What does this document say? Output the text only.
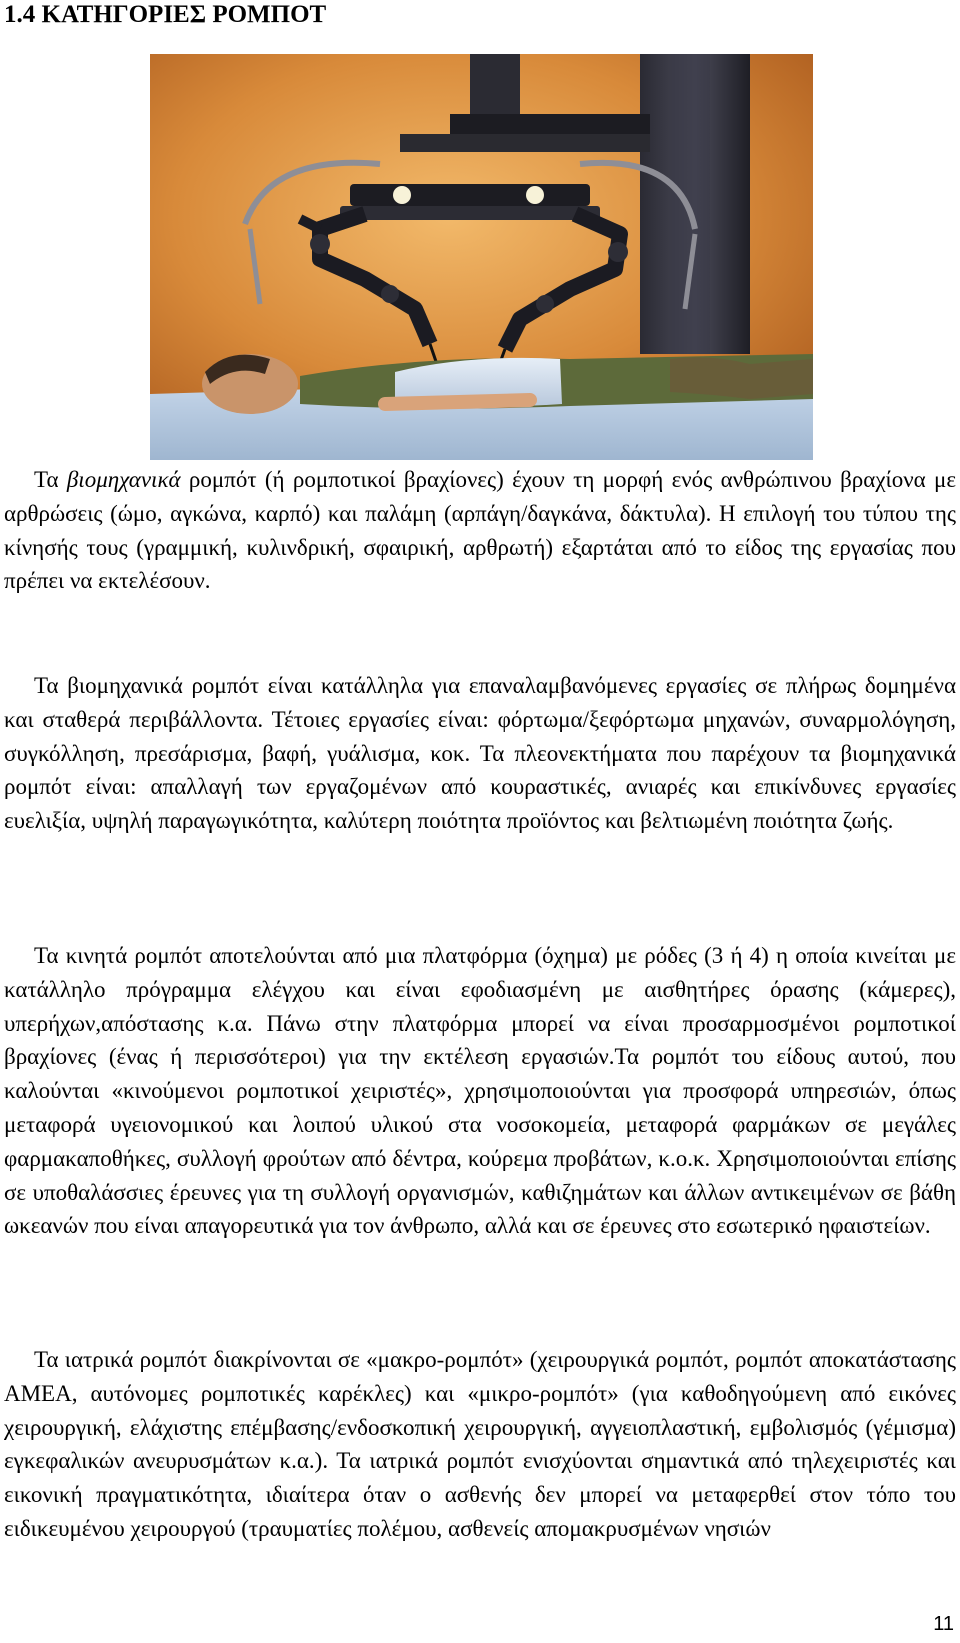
1.4 ΚΑΤΗΓΟΡΙΕΣ ΡΟΜΠΟΤ

Τα βιομηχανικά ρομπότ (ή ρομποτικοί βραχίονες) έχουν τη μορφή ενός ανθρώπινου βραχίονα με αρθρώσεις (ώμο, αγκώνα, καρπό) και παλάμη (αρπάγη/δαγκάνα, δάκτυλα). Η επιλογή του τύπου της κίνησής τους (γραμμική, κυλινδρική, σφαιρική, αρθρωτή) εξαρτάται από το είδος της εργασίας που πρέπει να εκτελέσουν.

Τα βιομηχανικά ρομπότ είναι κατάλληλα για επαναλαμβανόμενες εργασίες σε πλήρως δομημένα και σταθερά περιβάλλοντα. Τέτοιες εργασίες είναι: φόρτωμα/ξεφόρτωμα μηχανών, συναρμολόγηση, συγκόλληση, πρεσάρισμα, βαφή, γυάλισμα, κοκ. Τα πλεονεκτήματα που παρέχουν τα βιομηχανικά ρομπότ είναι: απαλλαγή των εργαζομένων από κουραστικές, ανιαρές και επικίνδυνες εργασίες ευελιξία, υψηλή παραγωγικότητα, καλύτερη ποιότητα προϊόντος και βελτιωμένη ποιότητα ζωής.

Τα κινητά ρομπότ αποτελούνται από μια πλατφόρμα (όχημα) με ρόδες (3 ή 4) η οποία κινείται με κατάλληλο πρόγραμμα ελέγχου και είναι εφοδιασμένη με αισθητήρες όρασης (κάμερες), υπερήχων,απόστασης κ.α. Πάνω στην πλατφόρμα μπορεί να είναι προσαρμοσμένοι ρομποτικοί βραχίονες (ένας ή περισσότεροι) για την εκτέλεση εργασιών.Τα ρομπότ του είδους αυτού, που καλούνται «κινούμενοι ρομποτικοί χειριστές», χρησιμοποιούνται για προσφορά υπηρεσιών, όπως μεταφορά υγειονομικού και λοιπού υλικού στα νοσοκομεία, μεταφορά φαρμάκων σε μεγάλες φαρμακαποθήκες, συλλογή φρούτων από δέντρα, κούρεμα προβάτων, κ.ο.κ. Χρησιμοποιούνται επίσης σε υποθαλάσσιες έρευνες για τη συλλογή οργανισμών, καθιζημάτων και άλλων αντικειμένων σε βάθη ωκεανών που είναι απαγορευτικά για τον άνθρωπο, αλλά και σε έρευνες στο εσωτερικό ηφαιστείων.

Τα ιατρικά ρομπότ διακρίνονται σε «μακρο-ρομπότ» (χειρουργικά ρομπότ, ρομπότ αποκατάστασης ΑΜΕΑ, αυτόνομες ρομποτικές καρέκλες) και «μικρο-ρομπότ» (για καθοδηγούμενη από εικόνες χειρουργική, ελάχιστης επέμβασης/ενδοσκοπική χειρουργική, αγγειοπλαστική, εμβολισμός (γέμισμα) εγκεφαλικών ανευρυσμάτων κ.α.). Τα ιατρικά ρομπότ ενισχύονται σημαντικά από τηλεχειριστές και εικονική πραγματικότητα, ιδιαίτερα όταν ο ασθενής δεν μπορεί να μεταφερθεί στον τόπο του ειδικευμένου χειρουργού (τραυματίες πολέμου, ασθενείς απομακρυσμένων νησιών

11
